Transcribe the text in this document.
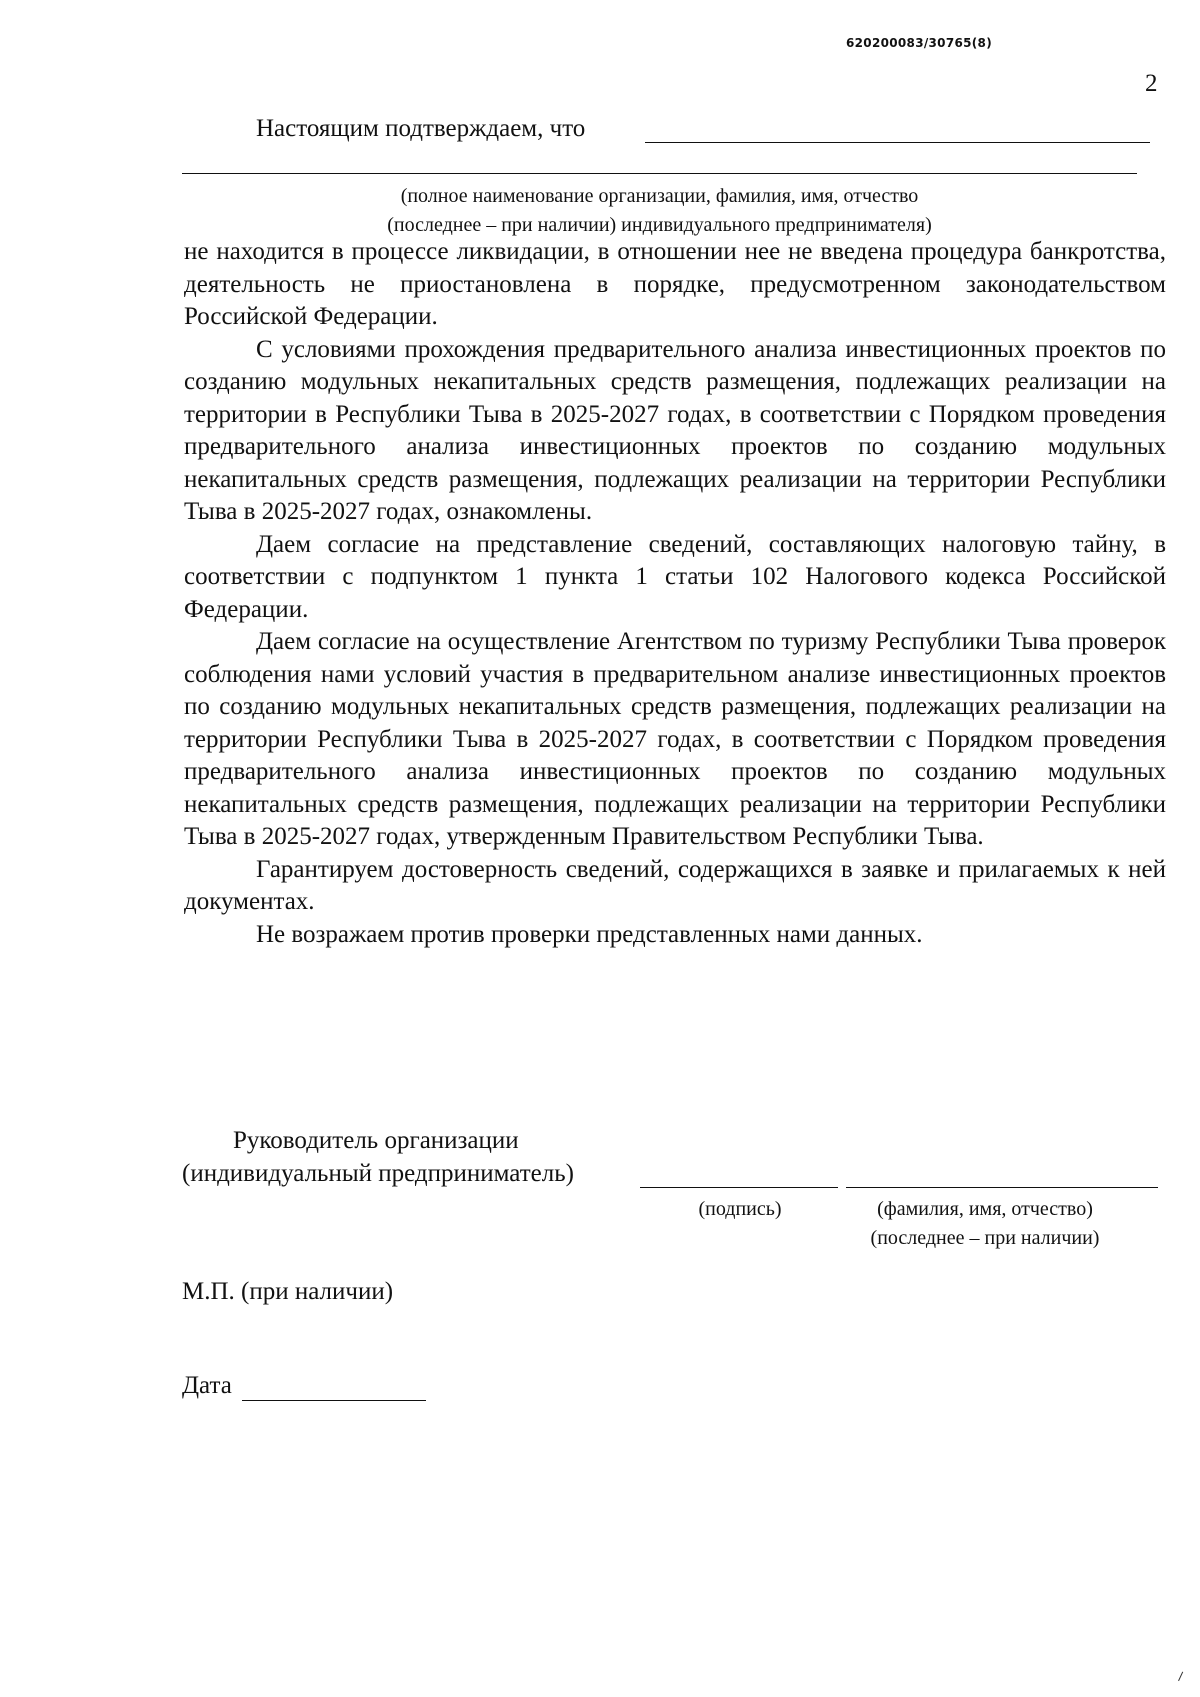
620200083/30765(8)
2
Настоящим подтверждаем, что
(полное наименование организации, фамилия, имя, отчество
(последнее – при наличии) индивидуального предпринимателя)

не находится в процессе ликвидации, в отношении нее не введена процедура банкротства, деятельность не приостановлена в порядке, предусмотренном законодательством Российской Федерации.

С условиями прохождения предварительного анализа инвестиционных проектов по созданию модульных некапитальных средств размещения, подлежащих реализации на территории в Республики Тыва в 2025-2027 годах, в соответствии с Порядком проведения предварительного анализа инвестиционных проектов по созданию модульных некапитальных средств размещения, подлежащих реализации на территории Республики Тыва в 2025-2027 годах, ознакомлены.

Даем согласие на представление сведений, составляющих налоговую тайну, в соответствии с подпунктом 1 пункта 1 статьи 102 Налогового кодекса Российской Федерации.

Даем согласие на осуществление Агентством по туризму Республики Тыва проверок соблюдения нами условий участия в предварительном анализе инвестиционных проектов по созданию модульных некапитальных средств размещения, подлежащих реализации на территории Республики Тыва в 2025-2027 годах, в соответствии с Порядком проведения предварительного анализа инвестиционных проектов по созданию модульных некапитальных средств размещения, подлежащих реализации на территории Республики Тыва в 2025-2027 годах, утвержденным Правительством Республики Тыва.

Гарантируем достоверность сведений, содержащихся в заявке и прилагаемых к ней документах.

Не возражаем против проверки представленных нами данных.

Руководитель организации
(индивидуальный предприниматель)
(подпись)	(фамилия, имя, отчество)
(последнее – при наличии)
М.П. (при наличии)
Дата
